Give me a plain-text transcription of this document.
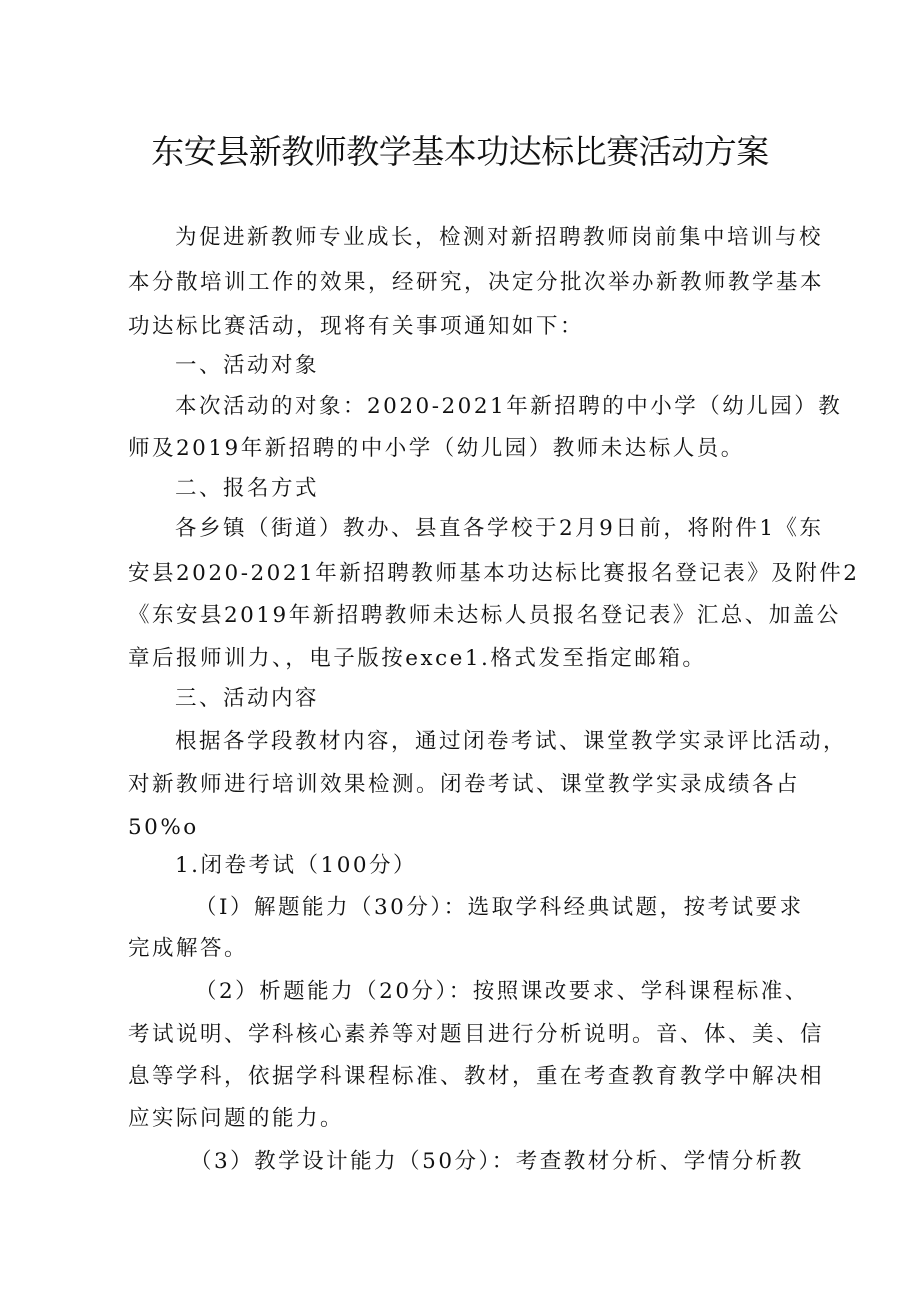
东安县新教师教学基本功达标比赛活动方案
为促进新教师专业成长，检测对新招聘教师岗前集中培训与校
本分散培训工作的效果，经研究，决定分批次举办新教师教学基本
功达标比赛活动，现将有关事项通知如下：
一、活动对象
本次活动的对象：2020-2021年新招聘的中小学（幼儿园）教
师及2019年新招聘的中小学（幼儿园）教师未达标人员。
二、报名方式
各乡镇（街道）教办、县直各学校于2月9日前，将附件1《东
安县2020-2021年新招聘教师基本功达标比赛报名登记表》及附件2
《东安县2019年新招聘教师未达标人员报名登记表》汇总、加盖公
章后报师训力、，电子版按exce1.格式发至指定邮箱。
三、活动内容
根据各学段教材内容，通过闭卷考试、课堂教学实录评比活动，
对新教师进行培训效果检测。闭卷考试、课堂教学实录成绩各占
50%o
1.闭卷考试（100分）
（I）解题能力（30分）：选取学科经典试题，按考试要求
完成解答。
（2）析题能力（20分）：按照课改要求、学科课程标准、
考试说明、学科核心素养等对题目进行分析说明。音、体、美、信
息等学科，依据学科课程标准、教材，重在考查教育教学中解决相
应实际问题的能力。
（3）教学设计能力（50分）：考查教材分析、学情分析教
